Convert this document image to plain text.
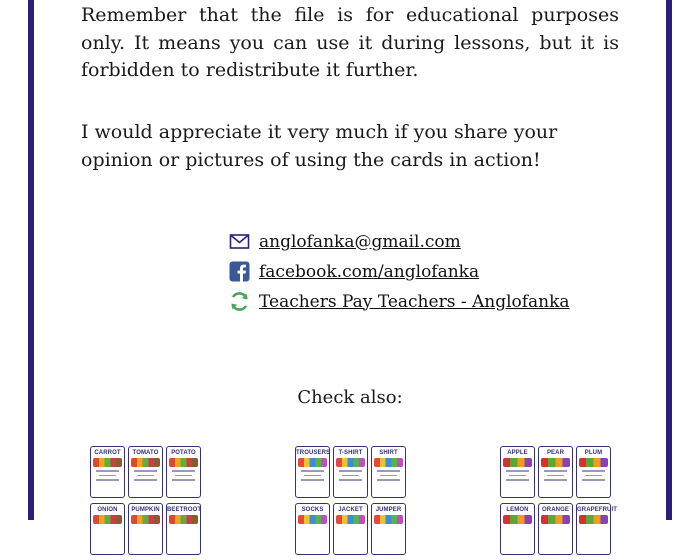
Remember that the file is for educational purposes only. It means you can use it during lessons, but it is forbidden to redistribute it further.

I would appreciate it very much if you share your opinion or pictures of using the cards in action!

anglofanka@gmail.com
facebook.com/anglofanka
Teachers Pay Teachers - Anglofanka
Check also:
CARROT	TOMATO	POTATO
ONION	PUMPKIN	BEETROOT
TROUSERS	T-SHIRT	SHIRT
SOCKS	JACKET	JUMPER
APPLE	PEAR	PLUM
LEMON	ORANGE	GRAPEFRUIT
